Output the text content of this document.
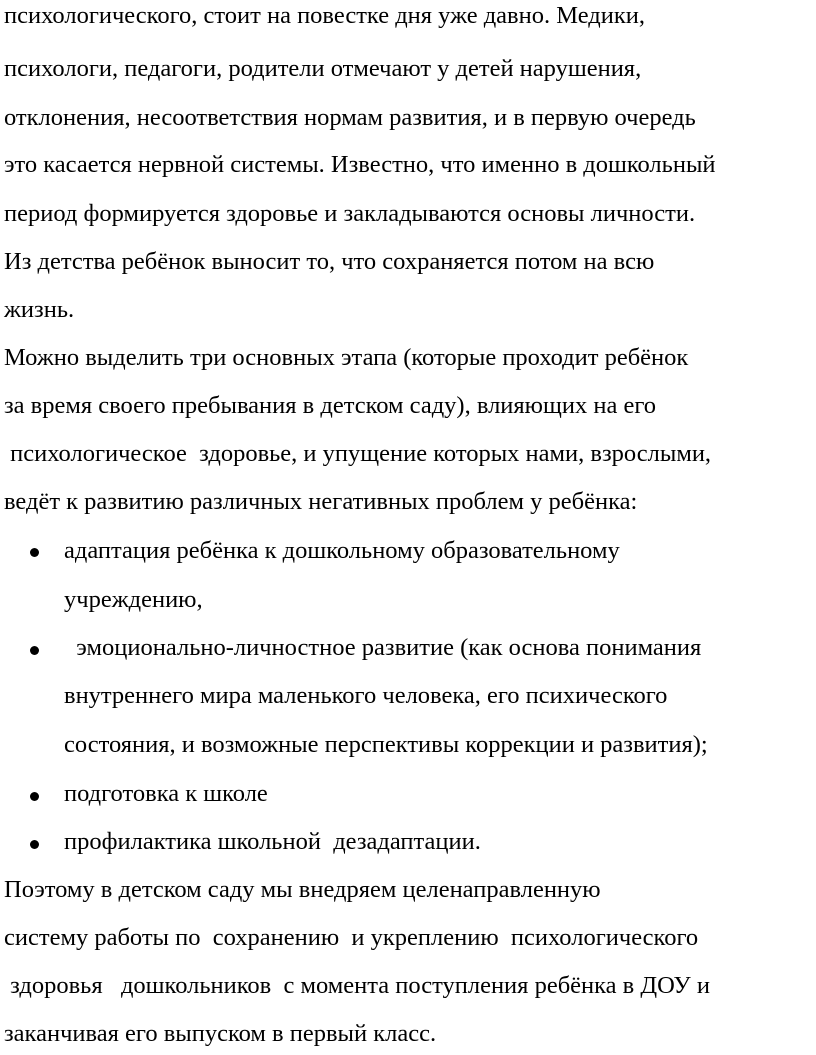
психологического, стоит на повестке дня уже давно. Медики,
психологи, педагоги, родители отмечают у детей нарушения,
отклонения, несоответствия нормам развития, и в первую очередь
это касается нервной системы. Известно, что именно в дошкольный
период формируется здоровье и закладываются основы личности.
Из детства ребёнок выносит то, что сохраняется потом на всю
жизнь.
Можно выделить три основных этапа (которые проходит ребёнок
за время своего пребывания в детском саду), влияющих на его
психологическое  здоровье, и упущение которых нами, взрослыми,
ведёт к развитию различных негативных проблем у ребёнка:
адаптация ребёнка к дошкольному образовательному
учреждению,
эмоционально-личностное развитие (как основа понимания
внутреннего мира маленького человека, его психического
состояния, и возможные перспективы коррекции и развития);
подготовка к школе
профилактика школьной  дезадаптации.
Поэтому в детском саду мы внедряем целенаправленную
систему работы по  сохранению  и укреплению  психологического
здоровья   дошкольников  с момента поступления ребёнка в ДОУ и
заканчивая его выпуском в первый класс.
